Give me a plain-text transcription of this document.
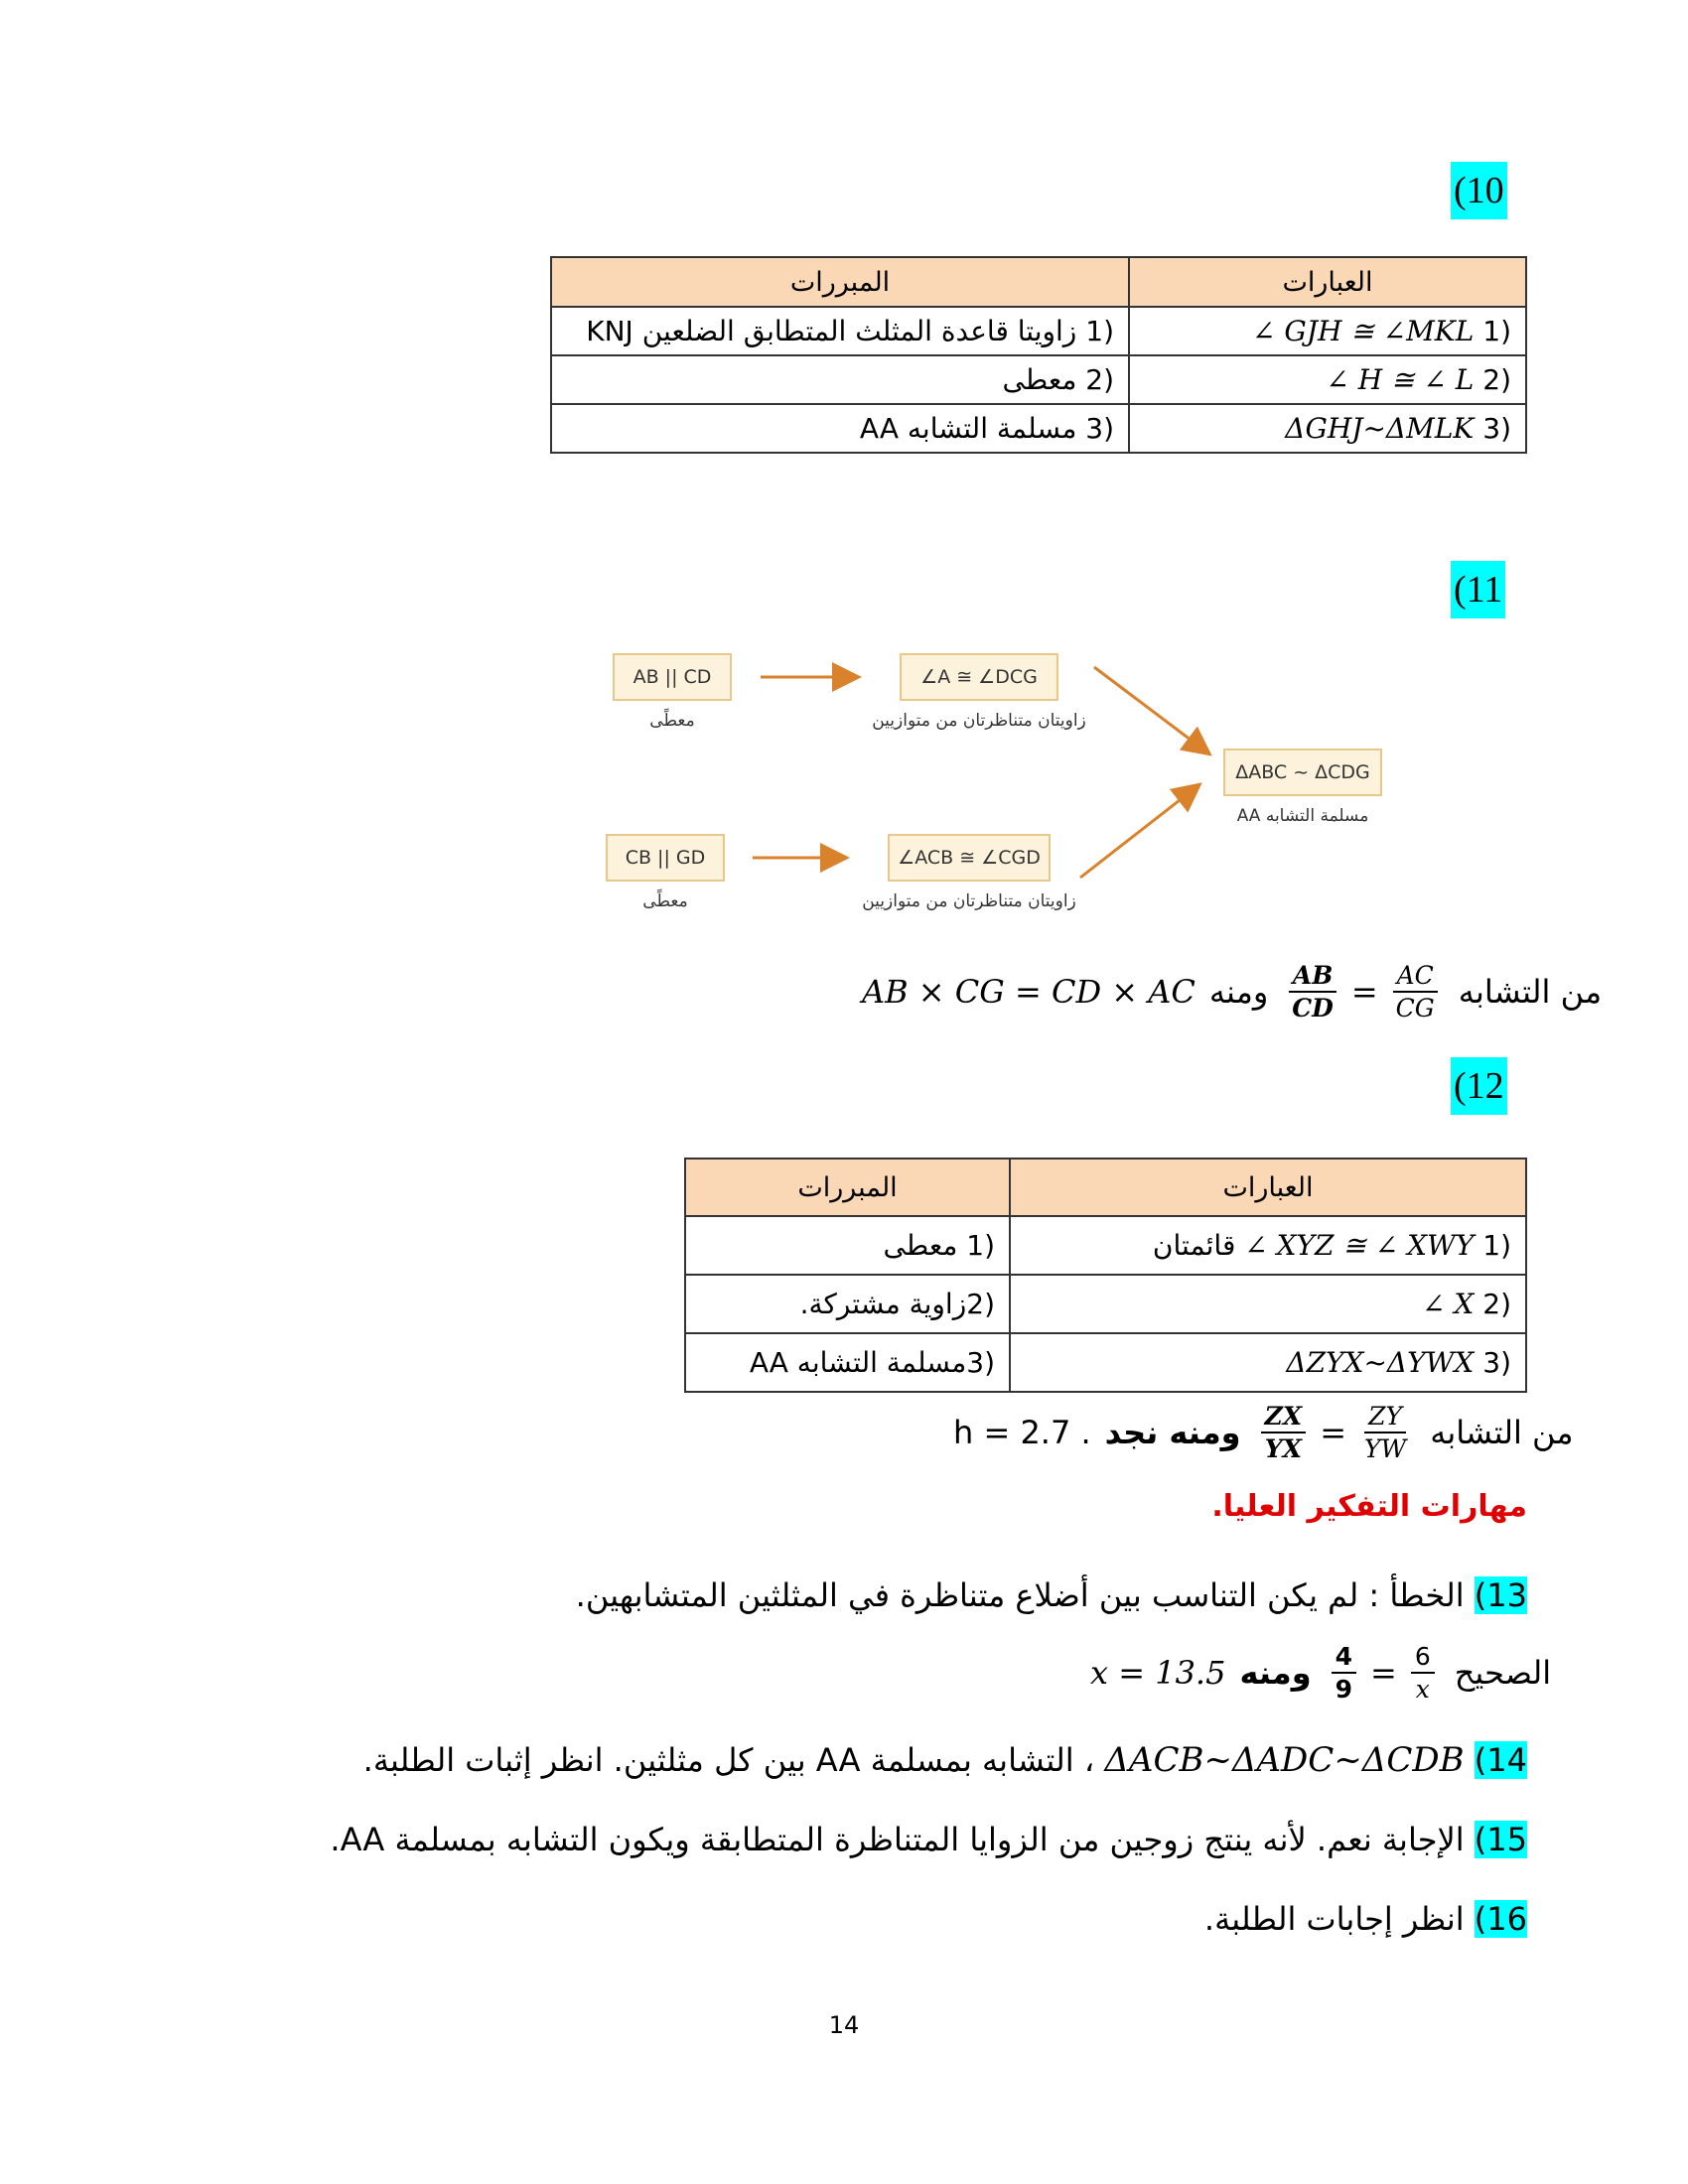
(10
العبارات	المبررات
(1 ∠ GJH ≅ ∠MKL	(1 زاويتا قاعدة المثلث المتطابق الضلعين KNJ
(2 ∠ H ≅ ∠ L	(2 معطى
(3 ΔGHJ~ΔMLK	(3 مسلمة التشابه AA
(11
AB || CD
معطًى
∠A ≅ ∠DCG
زاويتان متناظرتان من متوازيين
CB || GD
معطًى
∠ACB ≅ ∠CGD
زاويتان متناظرتان من متوازيين
ΔABC ~ ΔCDG
مسلمة التشابه AA
AB × CG = CD × AC ومنه $\frac{AB}{CD} = \frac{AC}{CG}$ من التشابه
(12
العبارات	المبررات
(1 ∠ XYZ ≅ ∠ XWY قائمتان	(1 معطى
(2 ∠ X	(2زاوية مشتركة.
(3 ΔZYX~ΔYWX	(3مسلمة التشابه AA
h = 2.7 . ومنه نجد $\frac{ZX}{YX} = \frac{ZY}{YW}$ من التشابه
مهارات التفكير العليا.
13) الخطأ : لم يكن التناسب بين أضلاع متناظرة في المثلثين المتشابهين.
x = 13.5 ومنه $\frac{4}{9} = \frac{6}{x}$ الصحيح
14) ΔACB~ΔADC~ΔCDB ، التشابه بمسلمة AA بين كل مثلثين. انظر إثبات الطلبة.
15) الإجابة نعم. لأنه ينتج زوجين من الزوايا المتناظرة المتطابقة ويكون التشابه بمسلمة AA.
16) انظر إجابات الطلبة.
14
